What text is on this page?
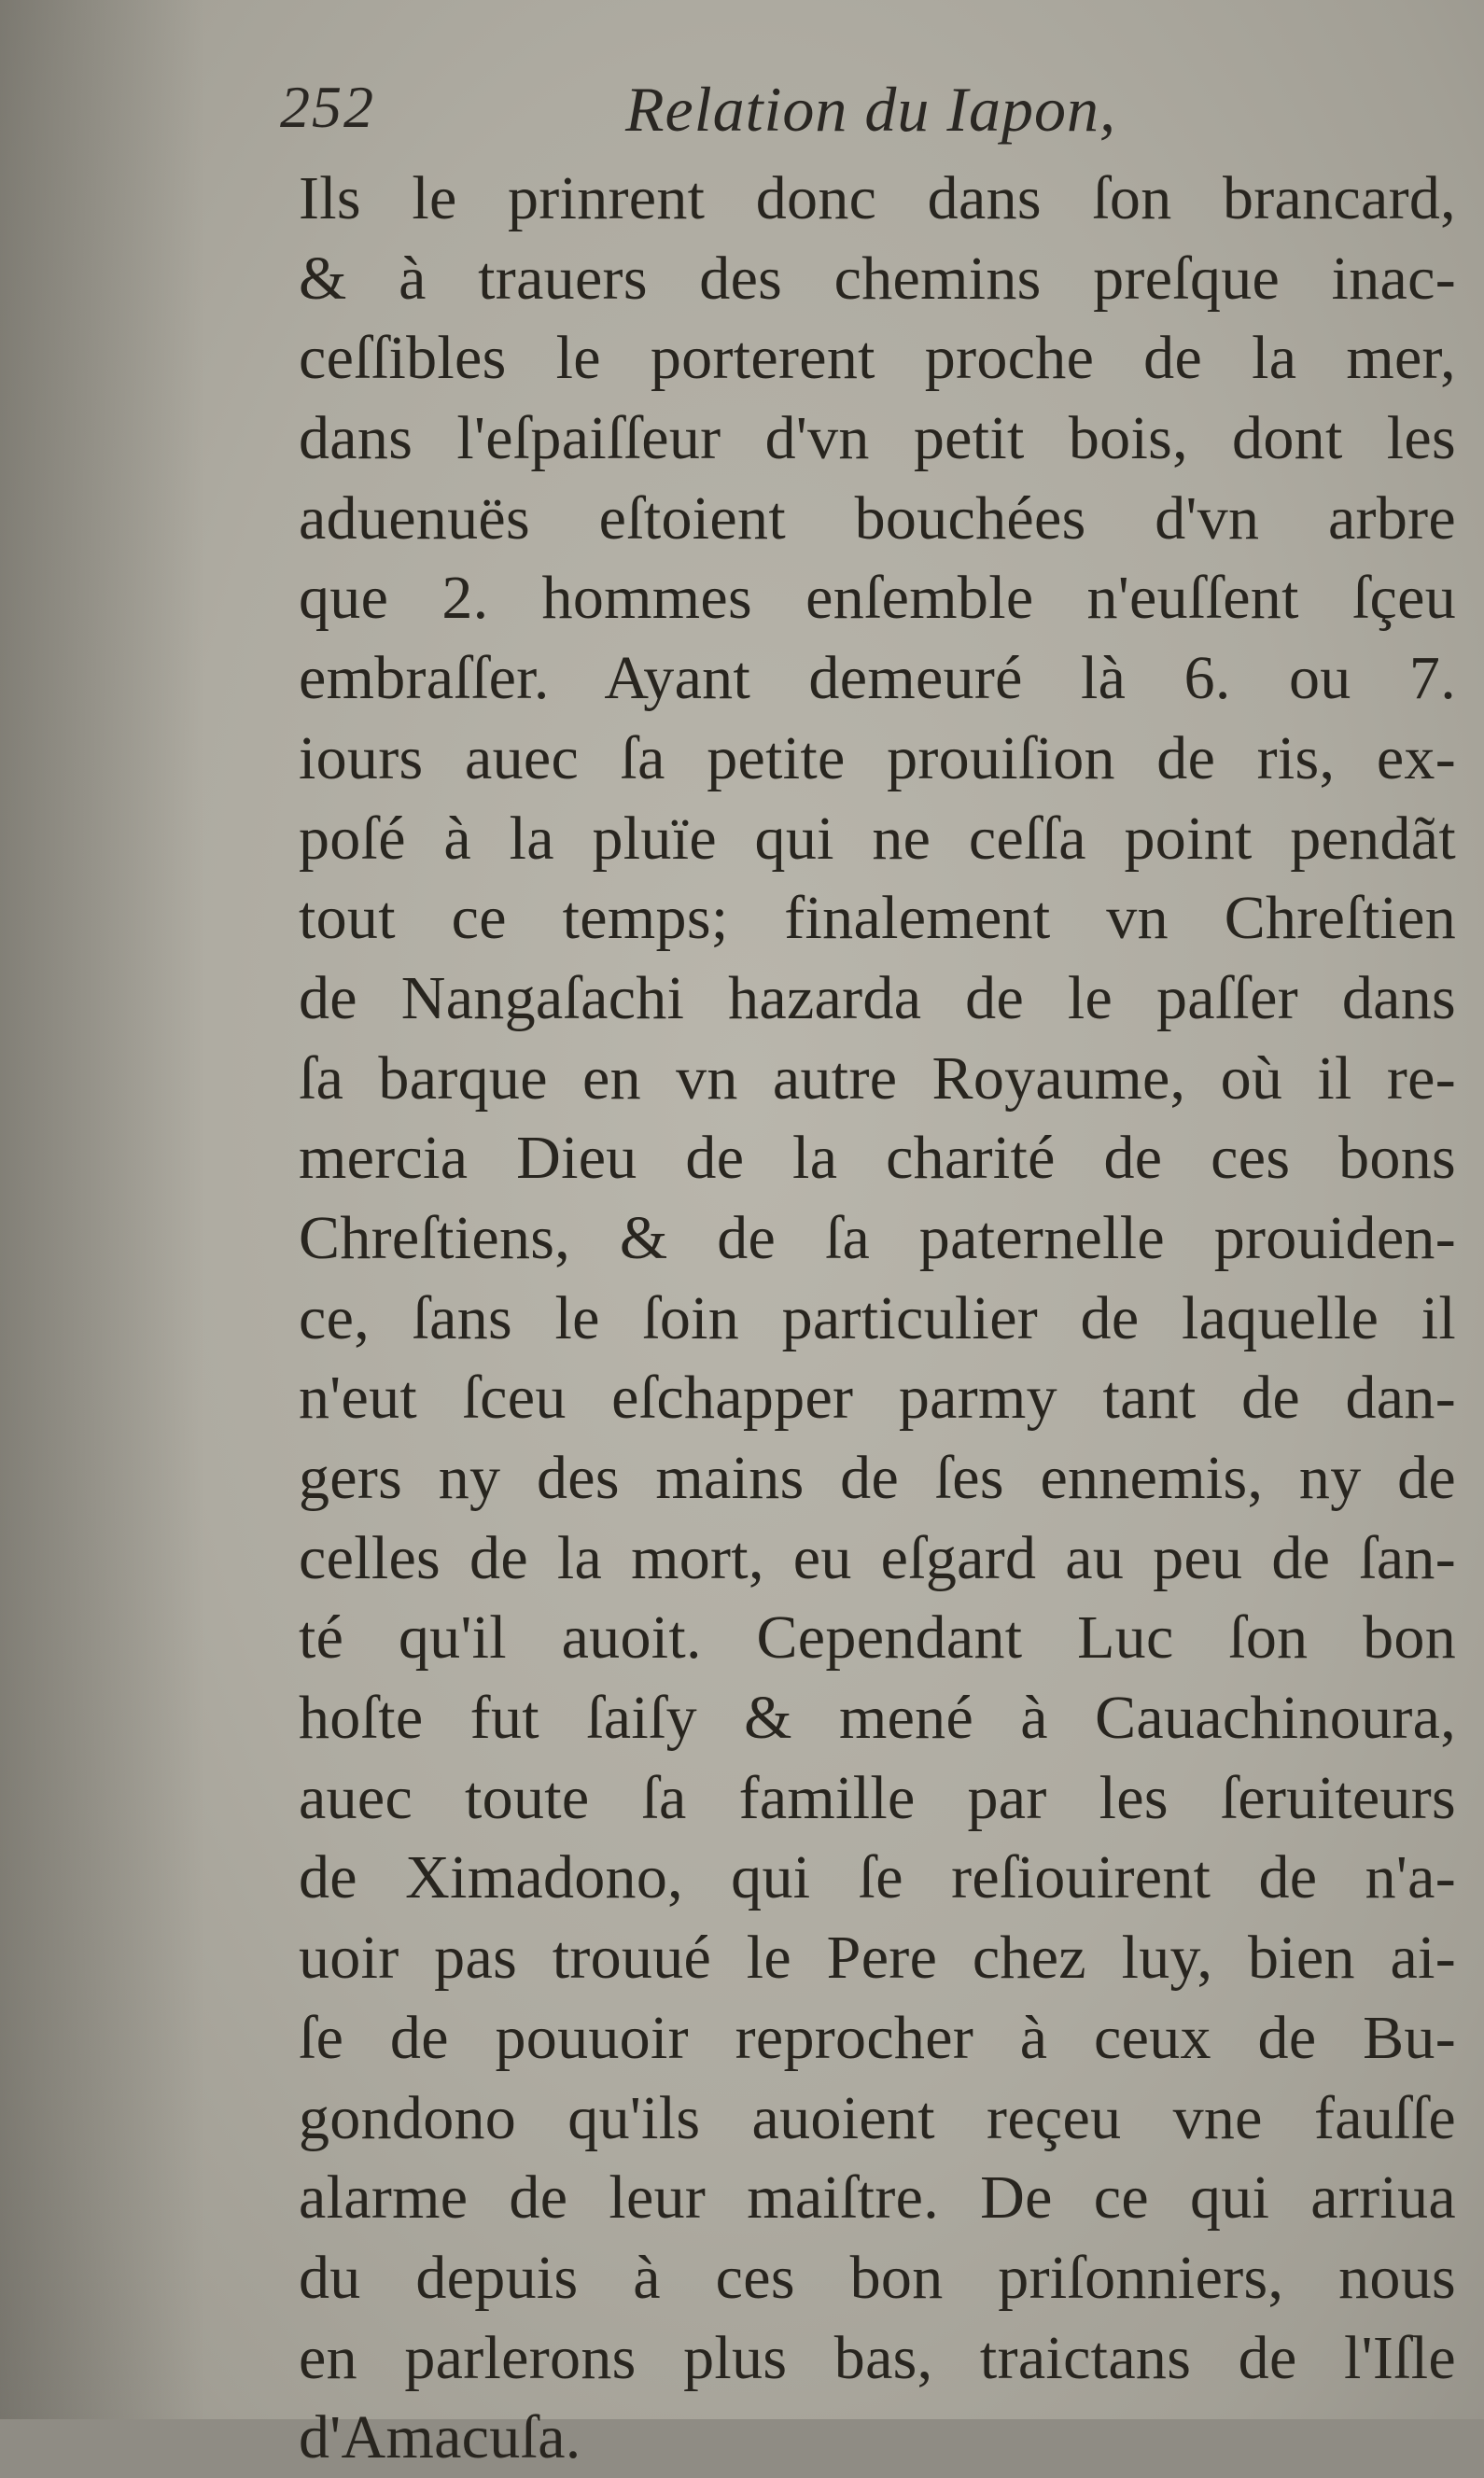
252	Relation du Iapon,
Ils le prinrent donc dans ſon brancard,
& à trauers des chemins preſque inac-
ceſſibles le porterent proche de la mer,
dans l'eſpaiſſeur d'vn petit bois, dont les
aduenuës eſtoient bouchées d'vn arbre
que 2. hommes enſemble n'euſſent ſçeu
embraſſer. Ayant demeuré là 6. ou 7.
iours auec ſa petite prouiſion de ris, ex-
poſé à la pluïe qui ne ceſſa point pendãt
tout ce temps; finalement vn Chreſtien
de Nangaſachi hazarda de le paſſer dans
ſa barque en vn autre Royaume, où il re-
mercia Dieu de la charité de ces bons
Chreſtiens, & de ſa paternelle prouiden-
ce, ſans le ſoin particulier de laquelle il
n'eut ſceu eſchapper parmy tant de dan-
gers ny des mains de ſes ennemis, ny de
celles de la mort, eu eſgard au peu de ſan-
té qu'il auoit. Cependant Luc ſon bon
hoſte fut ſaiſy & mené à Cauachinoura,
auec toute ſa famille par les ſeruiteurs
de Ximadono, qui ſe reſiouirent de n'a-
uoir pas trouué le Pere chez luy, bien ai-
ſe de pouuoir reprocher à ceux de Bu-
gondono qu'ils auoient reçeu vne fauſſe
alarme de leur maiſtre. De ce qui arriua
du depuis à ces bon priſonniers, nous
en parlerons plus bas, traictans de l'Iſle
d'Amacuſa.
